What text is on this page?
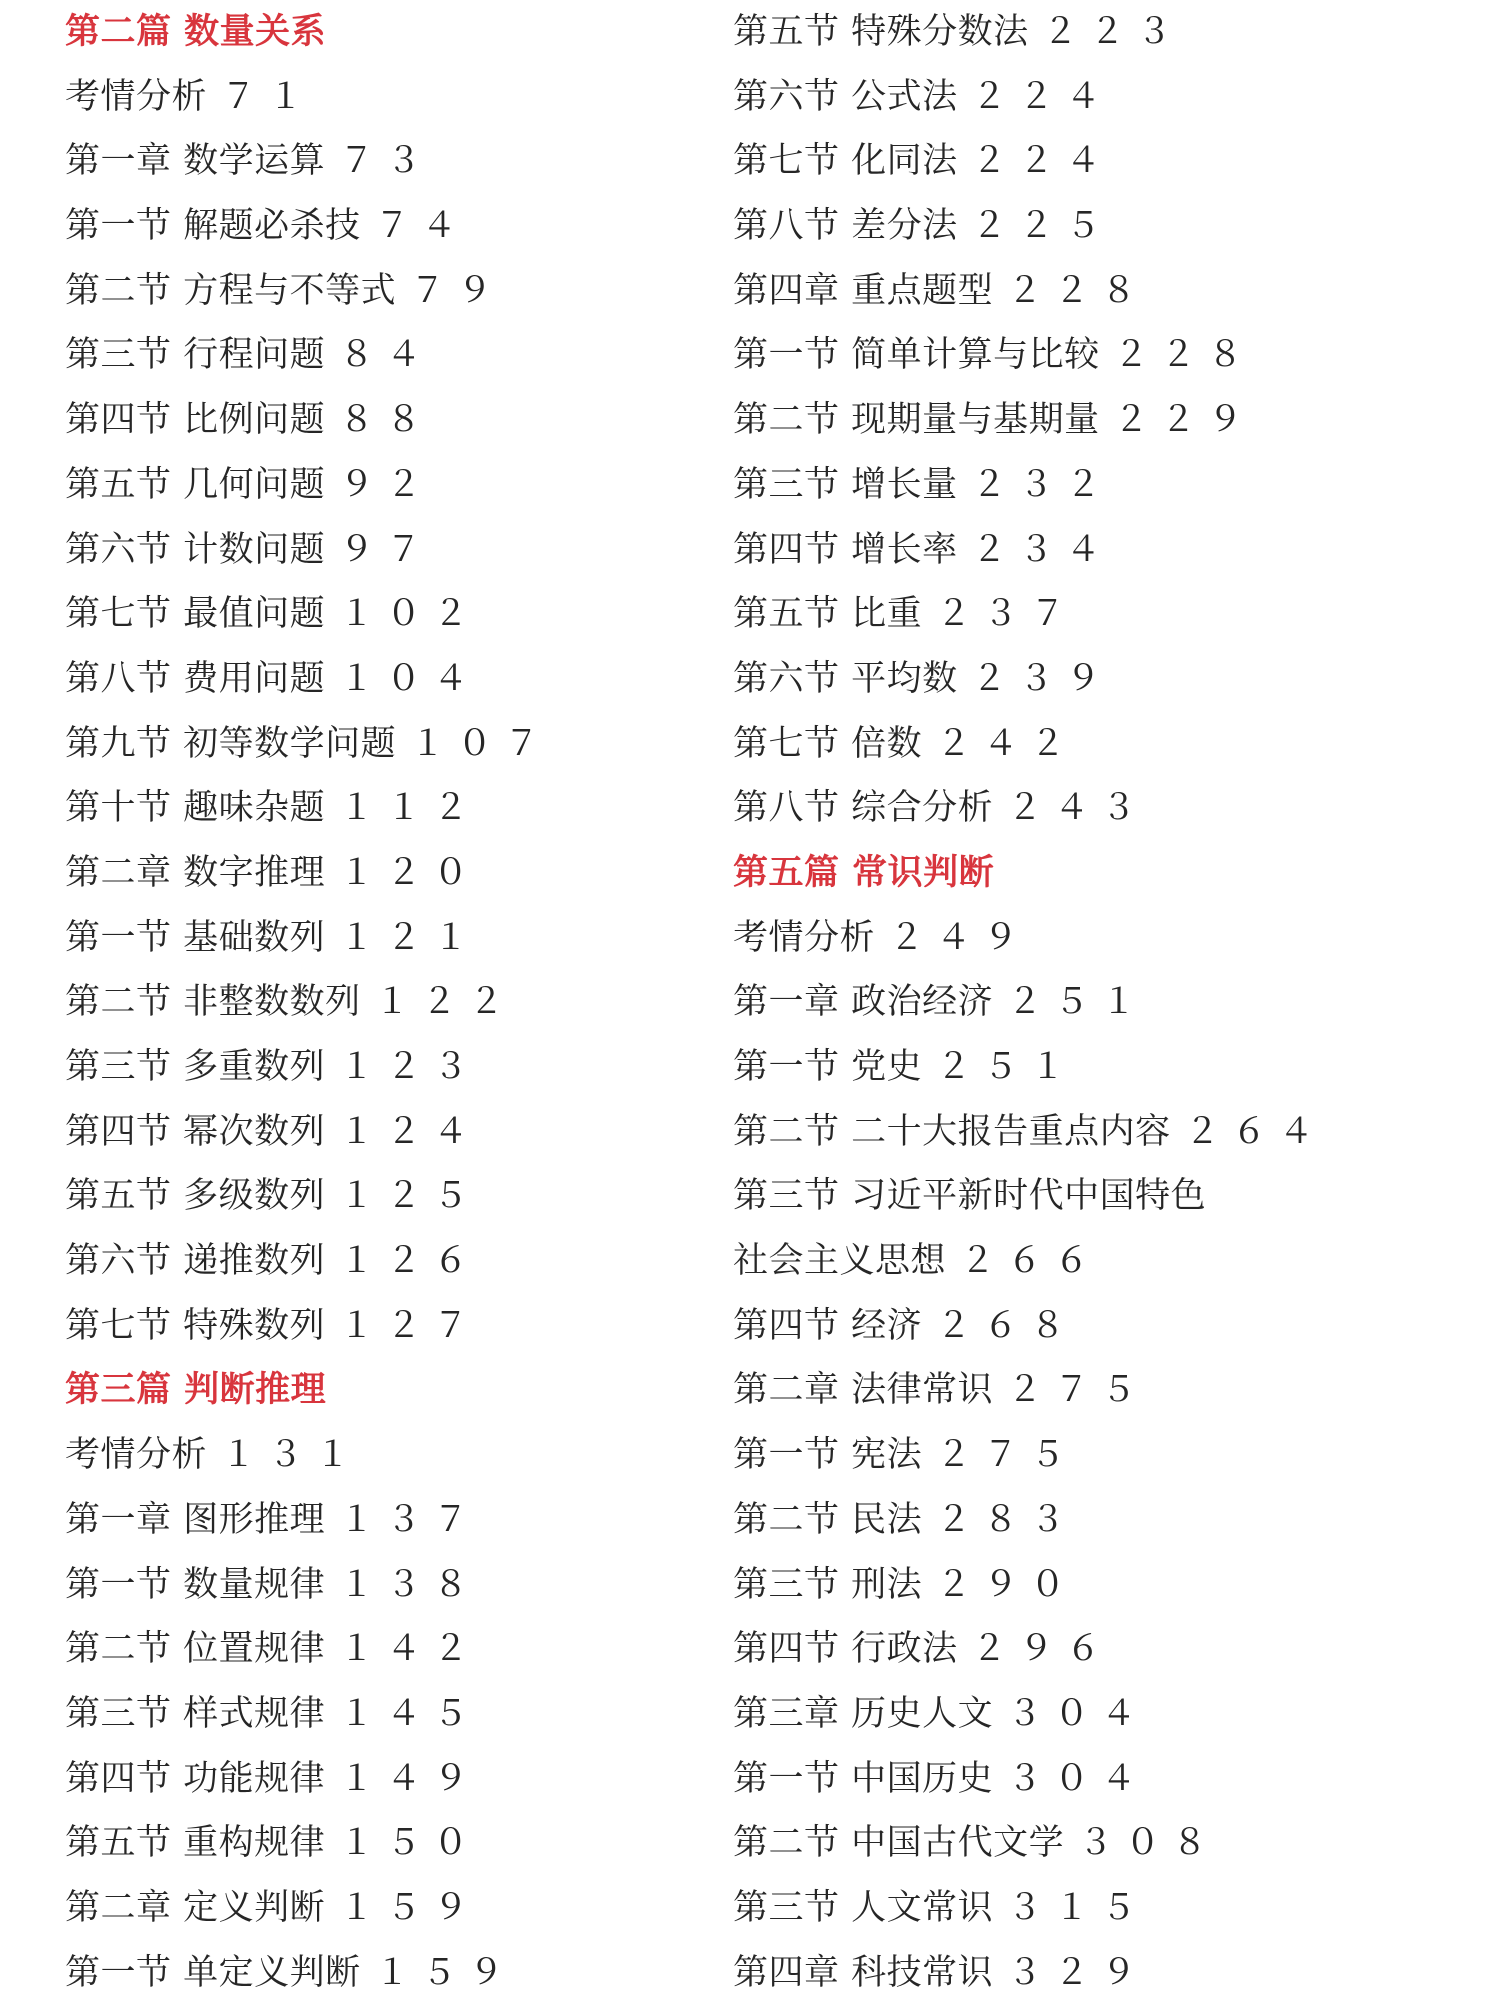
第二篇 数量关系
考情分析 ７１
第一章 数学运算 ７３
第一节 解题必杀技 ７４
第二节 方程与不等式 ７９
第三节 行程问题 ８４
第四节 比例问题 ８８
第五节 几何问题 ９２
第六节 计数问题 ９７
第七节 最值问题 １０２
第八节 费用问题 １０４
第九节 初等数学问题 １０７
第十节 趣味杂题 １１２
第二章 数字推理 １２０
第一节 基础数列 １２１
第二节 非整数数列 １２２
第三节 多重数列 １２３
第四节 幂次数列 １２４
第五节 多级数列 １２５
第六节 递推数列 １２６
第七节 特殊数列 １２７
第三篇 判断推理
考情分析 １３１
第一章 图形推理 １３７
第一节 数量规律 １３８
第二节 位置规律 １４２
第三节 样式规律 １４５
第四节 功能规律 １４９
第五节 重构规律 １５０
第二章 定义判断 １５９
第一节 单定义判断 １５９
第五节 特殊分数法 ２２３
第六节 公式法 ２２４
第七节 化同法 ２２４
第八节 差分法 ２２５
第四章 重点题型 ２２８
第一节 简单计算与比较 ２２８
第二节 现期量与基期量 ２２９
第三节 增长量 ２３２
第四节 增长率 ２３４
第五节 比重 ２３７
第六节 平均数 ２３９
第七节 倍数 ２４２
第八节 综合分析 ２４３
第五篇 常识判断
考情分析 ２４９
第一章 政治经济 ２５１
第一节 党史 ２５１
第二节 二十大报告重点内容 ２６４
第三节 习近平新时代中国特色
社会主义思想 ２６６
第四节 经济 ２６８
第二章 法律常识 ２７５
第一节 宪法 ２７５
第二节 民法 ２８３
第三节 刑法 ２９０
第四节 行政法 ２９６
第三章 历史人文 ３０４
第一节 中国历史 ３０４
第二节 中国古代文学 ３０８
第三节 人文常识 ３１５
第四章 科技常识 ３２９
